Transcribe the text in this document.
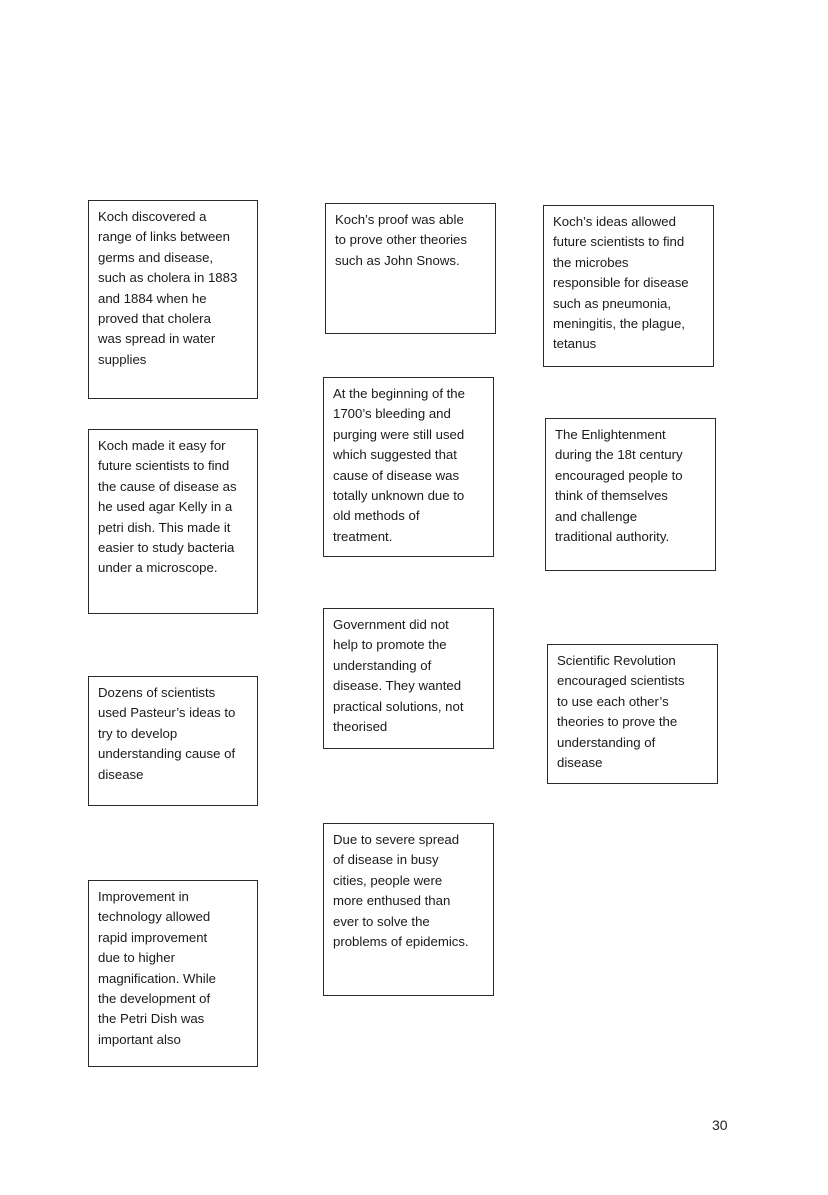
Koch discovered a
range of links between
germs and disease,
such as cholera in 1883
and 1884 when he
proved that cholera
was spread in water
supplies

Koch made it easy for
future scientists to find
the cause of disease as
he used agar Kelly in a
petri dish. This made it
easier to study bacteria
under a microscope.

Dozens of scientists
used Pasteur’s ideas to
try to develop
understanding cause of
disease

Improvement in
technology allowed
rapid improvement
due to higher
magnification. While
the development of
the Petri Dish was
important also

Koch’s proof was able
to prove other theories
such as John Snows.

At the beginning of the
1700’s bleeding and
purging were still used
which suggested that
cause of disease was
totally unknown due to
old methods of
treatment.

Government did not
help to promote the
understanding of
disease. They wanted
practical solutions, not
theorised

Due to severe spread
of disease in busy
cities, people were
more enthused than
ever to solve the
problems of epidemics.

Koch’s ideas allowed
future scientists to find
the microbes
responsible for disease
such as pneumonia,
meningitis, the plague,
tetanus

The Enlightenment
during the 18t century
encouraged people to
think of themselves
and challenge
traditional authority.

Scientific Revolution
encouraged scientists
to use each other’s
theories to prove the
understanding of
disease

30
